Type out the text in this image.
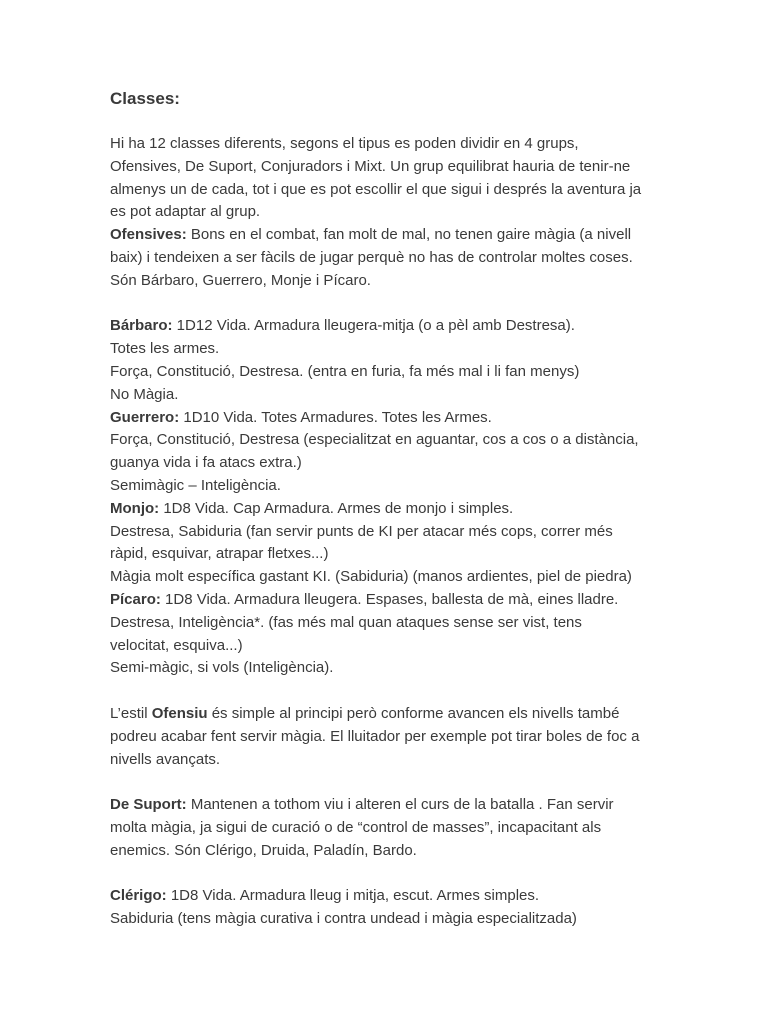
Classes:

Hi ha 12 classes diferents, segons el tipus es poden dividir en 4 grups,

Ofensives, De Suport, Conjuradors i Mixt. Un grup equilibrat hauria de tenir-ne

almenys un de cada, tot i que es pot escollir el que sigui i després la aventura ja

es pot adaptar al grup.

Ofensives: Bons en el combat, fan molt de mal, no tenen gaire màgia (a nivell

baix) i tendeixen a ser fàcils de jugar perquè no has de controlar moltes coses.

Són Bárbaro, Guerrero, Monje i Pícaro.

Bárbaro: 1D12 Vida. Armadura lleugera-mitja (o a pèl amb Destresa).

Totes les armes.

Força, Constitució, Destresa. (entra en furia, fa més mal i li fan menys)

No Màgia.

Guerrero: 1D10 Vida. Totes Armadures. Totes les Armes.

Força, Constitució, Destresa (especialitzat en aguantar, cos a cos o a distància,

guanya vida i fa atacs extra.)

Semimàgic – Inteligència.

Monjo: 1D8 Vida. Cap Armadura. Armes de monjo i simples.

Destresa, Sabiduria (fan servir punts de KI per atacar més cops, correr més

ràpid, esquivar, atrapar fletxes...)

Màgia molt específica gastant KI. (Sabiduria) (manos ardientes, piel de piedra)

Pícaro: 1D8 Vida. Armadura lleugera. Espases, ballesta de mà, eines lladre.

Destresa, Inteligència*. (fas més mal quan ataques sense ser vist, tens

velocitat, esquiva...)

Semi-màgic, si vols (Inteligència).

L’estil Ofensiu és simple al principi però conforme avancen els nivells també

podreu acabar fent servir màgia. El lluitador per exemple pot tirar boles de foc a

nivells avançats.

De Suport: Mantenen a tothom viu i alteren el curs de la batalla . Fan servir

molta màgia, ja sigui de curació o de “control de masses”, incapacitant als

enemics. Són Clérigo, Druida, Paladín, Bardo.

Clérigo: 1D8 Vida. Armadura lleug i mitja, escut. Armes simples.

Sabiduria (tens màgia curativa i contra undead i màgia especialitzada)
